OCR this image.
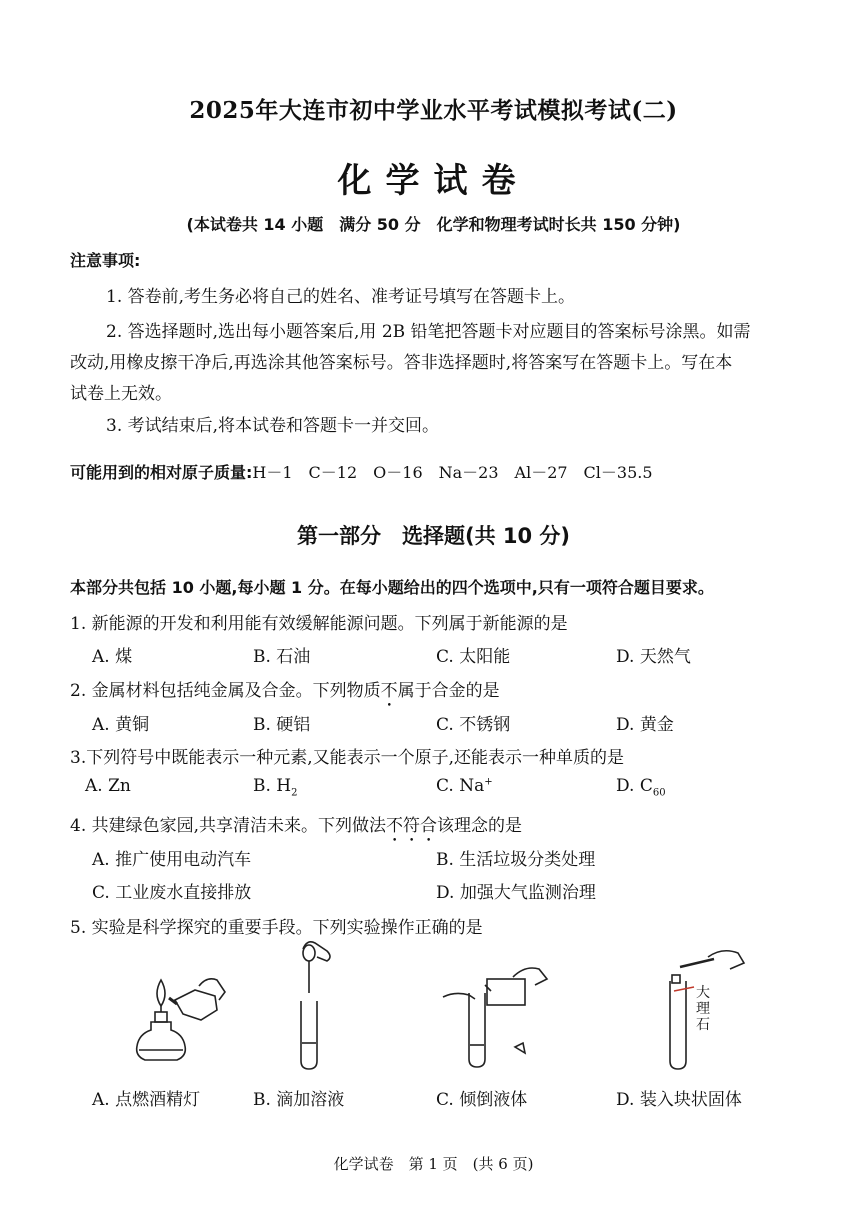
2025年大连市初中学业水平考试模拟考试(二)
化学试卷
(本试卷共 14 小题　满分 50 分　化学和物理考试时长共 150 分钟)
注意事项:
1. 答卷前,考生务必将自己的姓名、准考证号填写在答题卡上。
2. 答选择题时,选出每小题答案后,用 2B 铅笔把答题卡对应题目的答案标号涂黑。如需
改动,用橡皮擦干净后,再选涂其他答案标号。答非选择题时,将答案写在答题卡上。写在本
试卷上无效。
3. 考试结束后,将本试卷和答题卡一并交回。
可能用到的相对原子质量:H－1　C－12　O－16　Na－23　Al－27　Cl－35.5
第一部分　选择题(共 10 分)
本部分共包括 10 小题,每小题 1 分。在每小题给出的四个选项中,只有一项符合题目要求。
1. 新能源的开发和利用能有效缓解能源问题。下列属于新能源的是
A. 煤	B. 石油	C. 太阳能	D. 天然气
2. 金属材料包括纯金属及合金。下列物质不属于合金的是
A. 黄铜	B. 硬铝	C. 不锈钢	D. 黄金
3.下列符号中既能表示一种元素,又能表示一个原子,还能表示一种单质的是
A. Zn	B. $H_2$	C. Na+	D. $C_{60}$
4. 共建绿色家园,共享清洁未来。下列做法不符合该理念的是
A. 推广使用电动汽车	B. 生活垃圾分类处理
C. 工业废水直接排放	D. 加强大气监测治理
5. 实验是科学探究的重要手段。下列实验操作正确的是
A. 点燃酒精灯	B. 滴加溶液	C. 倾倒液体
大理石
D. 装入块状固体
化学试卷　第 1 页　(共 6 页)
